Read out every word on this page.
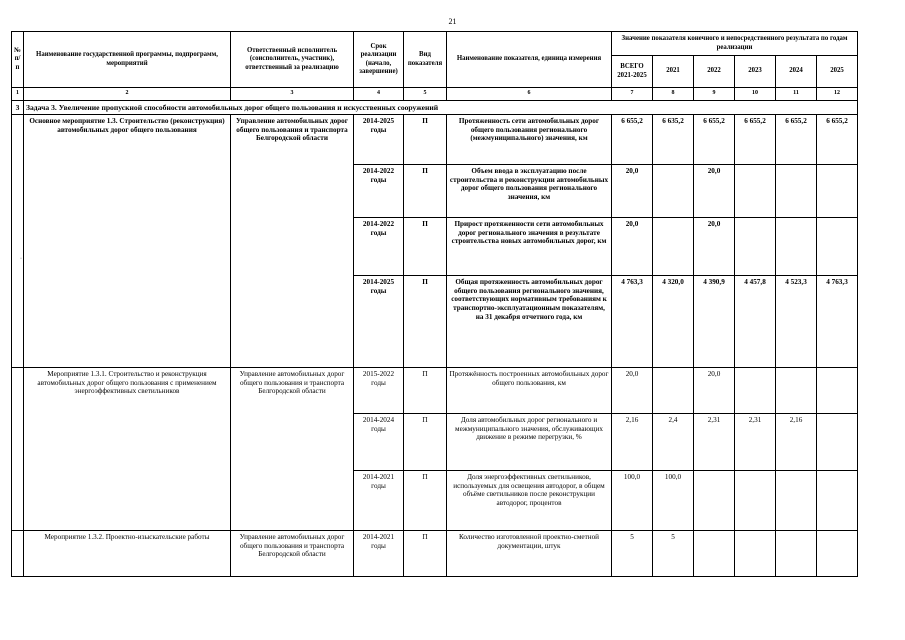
21
·
№ п/п	Наименование государственной программы, подпрограмм, мероприятий	Ответственный исполнитель (соисполнитель, участник), ответственный за реализацию	Срок реализации (начало, завершение)	Вид показателя	Наименование показателя, единица измерения	Значение показателя конечного и непосредственного результата по годам реализации					
						ВСЕГО 2021-2025	2021	2022	2023	2024	2025
1	2	3	4	5	6	7	8	9	10	11	12
3	Задача 3. Увеличение пропускной способности автомобильных дорог общего пользования и искусственных сооружений										
	Основное мероприятие 1.3. Строительство (реконструкция) автомобильных дорог общего пользования	Управление автомобильных дорог общего пользования и транспорта Белгородской области	2014-2025 годы	П	Протяженность сети автомобильных дорог общего пользования регионального (межмуниципального) значения, км	6 655,2	6 635,2	6 655,2	6 655,2	6 655,2	6 655,2
			2014-2022 годы	П	Объем ввода в эксплуатацию после строительства и реконструкции автомобильных дорог общего пользования регионального значения, км	20,0		20,0			
			2014-2022 годы	П	Прирост протяженности сети автомобильных дорог регионального значения в результате строительства новых автомобильных дорог, км	20,0		20,0			
			2014-2025 годы	П	Общая протяженность автомобильных дорог общего пользования регионального значения, соответствующих нормативным требованиям к транспортно-эксплуатационным показателям, на 31 декабря отчетного года, км	4 763,3	4 320,0	4 390,9	4 457,8	4 523,3	4 763,3
	Мероприятие 1.3.1. Строительство и реконструкция автомобильных дорог общего пользования с применением энергоэффективных светильников	Управление автомобильных дорог общего пользования и транспорта Белгородской области	2015-2022 годы	П	Протяжённость построенных автомобильных дорог общего пользования, км	20,0		20,0			
			2014-2024 годы	П	Доля автомобильных дорог регионального и межмуниципального значения, обслуживающих движение в режиме перегрузки, %	2,16	2,4	2,31	2,31	2,16	
			2014-2021 годы	П	Доля энергоэффективных светильников, используемых для освещения автодорог, в общем объёме светильников после реконструкции автодорог, процентов	100,0	100,0				
	Мероприятие 1.3.2. Проектно-изыскательские работы	Управление автомобильных дорог общего пользования и транспорта Белгородской области	2014-2021 годы	П	Количество изготовленной проектно-сметной документации, штук	5	5				
